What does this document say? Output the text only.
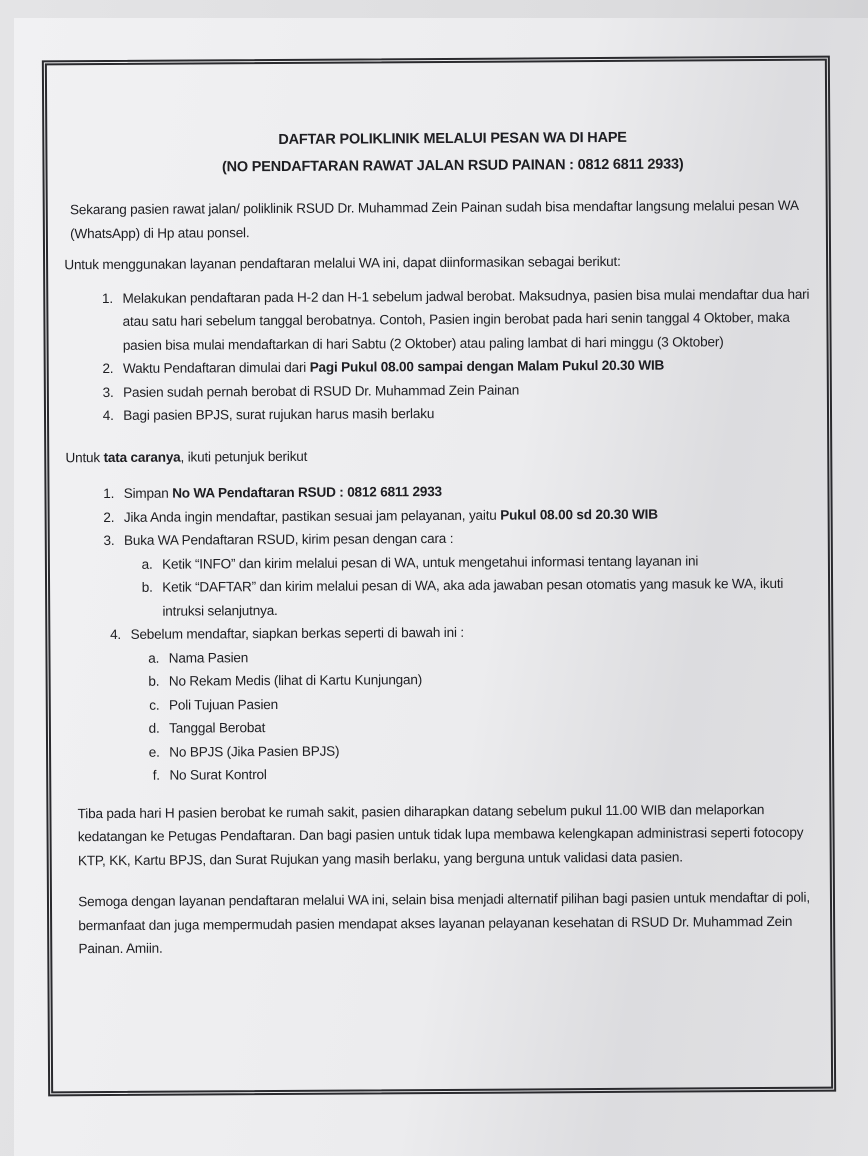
DAFTAR POLIKLINIK MELALUI PESAN WA DI HAPE
(NO PENDAFTARAN RAWAT JALAN RSUD PAINAN : 0812 6811 2933)

Sekarang pasien rawat jalan/ poliklinik RSUD Dr. Muhammad Zein Painan sudah bisa mendaftar langsung melalui pesan WA (WhatsApp) di Hp atau ponsel.

Untuk menggunakan layanan pendaftaran melalui WA ini, dapat diinformasikan sebagai berikut:

1. Melakukan pendaftaran pada H-2 dan H-1 sebelum jadwal berobat. Maksudnya, pasien bisa mulai mendaftar dua hari atau satu hari sebelum tanggal berobatnya. Contoh, Pasien ingin berobat pada hari senin tanggal 4 Oktober, maka pasien bisa mulai mendaftarkan di hari Sabtu (2 Oktober) atau paling lambat di hari minggu (3 Oktober)
2. Waktu Pendaftaran dimulai dari Pagi Pukul 08.00 sampai dengan Malam Pukul 20.30 WIB
3. Pasien sudah pernah berobat di RSUD Dr. Muhammad Zein Painan
4. Bagi pasien BPJS, surat rujukan harus masih berlaku

Untuk tata caranya, ikuti petunjuk berikut

1. Simpan No WA Pendaftaran RSUD : 0812 6811 2933
2. Jika Anda ingin mendaftar, pastikan sesuai jam pelayanan, yaitu Pukul 08.00 sd 20.30 WIB
3. Buka WA Pendaftaran RSUD, kirim pesan dengan cara :
a. Ketik “INFO” dan kirim melalui pesan di WA, untuk mengetahui informasi tentang layanan ini
b. Ketik “DAFTAR” dan kirim melalui pesan di WA, aka ada jawaban pesan otomatis yang masuk ke WA, ikuti intruksi selanjutnya.
4. Sebelum mendaftar, siapkan berkas seperti di bawah ini :
a. Nama Pasien
b. No Rekam Medis (lihat di Kartu Kunjungan)
c. Poli Tujuan Pasien
d. Tanggal Berobat
e. No BPJS (Jika Pasien BPJS)
f. No Surat Kontrol

Tiba pada hari H pasien berobat ke rumah sakit, pasien diharapkan datang sebelum pukul 11.00 WIB dan melaporkan kedatangan ke Petugas Pendaftaran. Dan bagi pasien untuk tidak lupa membawa kelengkapan administrasi seperti fotocopy KTP, KK, Kartu BPJS, dan Surat Rujukan yang masih berlaku, yang berguna untuk validasi data pasien.

Semoga dengan layanan pendaftaran melalui WA ini, selain bisa menjadi alternatif pilihan bagi pasien untuk mendaftar di poli, bermanfaat dan juga mempermudah pasien mendapat akses layanan pelayanan kesehatan di RSUD Dr. Muhammad Zein Painan. Amiin.
